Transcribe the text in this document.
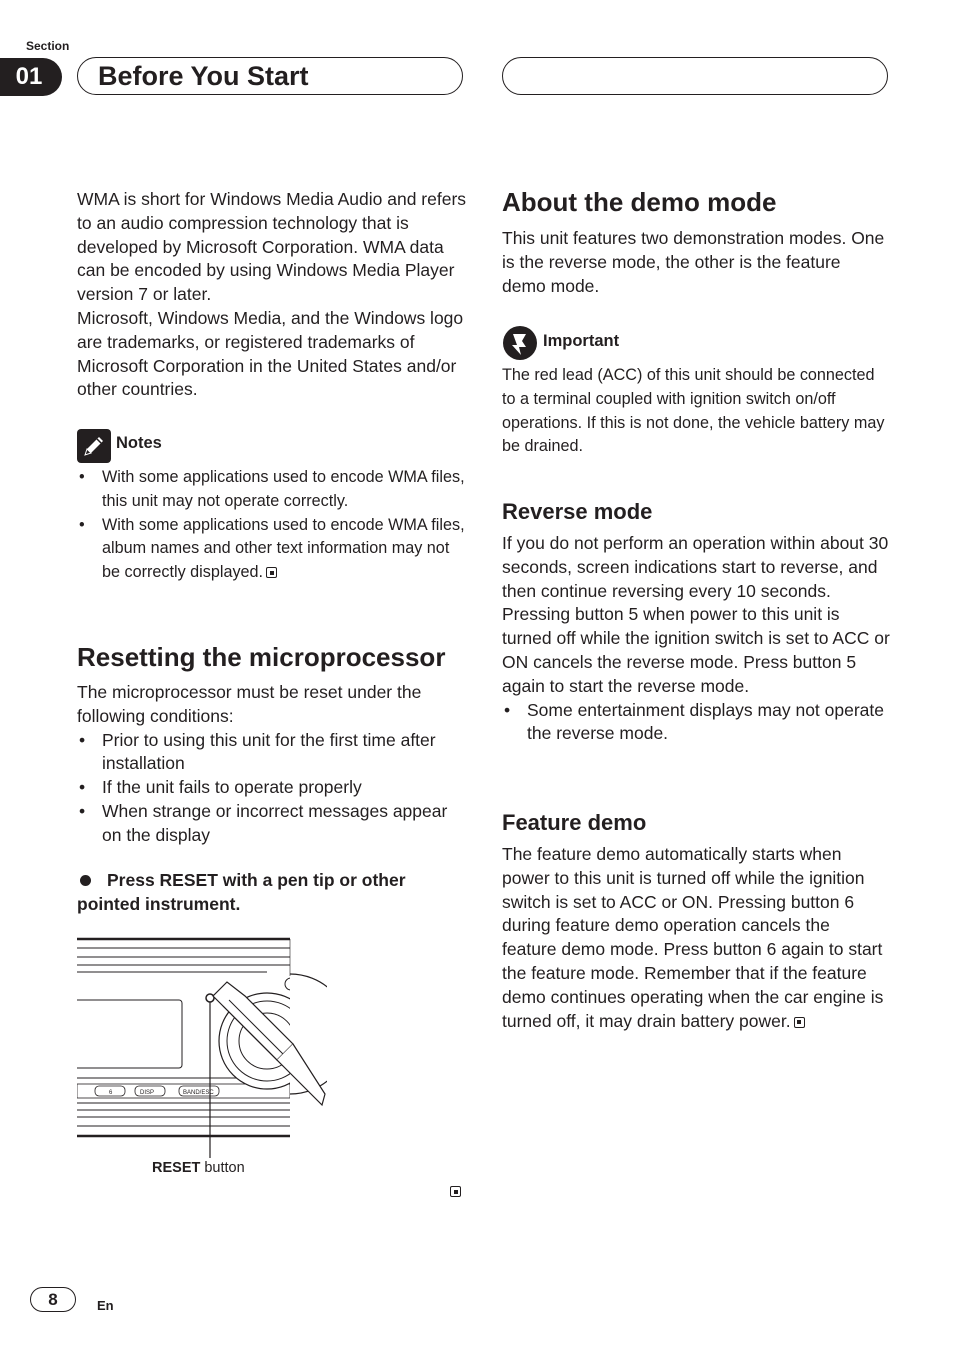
Section
01	Before You Start

WMA is short for Windows Media Audio and refers to an audio compression technology that is developed by Microsoft Corporation. WMA data can be encoded by using Windows Media Player version 7 or later.

Microsoft, Windows Media, and the Windows logo are trademarks, or registered trademarks of Microsoft Corporation in the United States and/or other countries.

Notes
• With some applications used to encode WMA files, this unit may not operate correctly.
• With some applications used to encode WMA files, album names and other text information may not be correctly displayed.
Resetting the microprocessor

The microprocessor must be reset under the following conditions:

• Prior to using this unit for the first time after installation
• If the unit fails to operate properly
• When strange or incorrect messages appear on the display
Press RESET with a pen tip or other pointed instrument.
6	DISP	BAND/ESC
RESET button
About the demo mode
This unit features two demonstration modes. One is the reverse mode, the other is the feature demo mode.
Important
The red lead (ACC) of this unit should be connected to a terminal coupled with ignition switch on/off operations. If this is not done, the vehicle battery may be drained.
Reverse mode

If you do not perform an operation within about 30 seconds, screen indications start to reverse, and then continue reversing every 10 seconds. Pressing button 5 when power to this unit is turned off while the ignition switch is set to ACC or ON cancels the reverse mode. Press button 5 again to start the reverse mode.

• Some entertainment displays may not operate the reverse mode.
Feature demo

The feature demo automatically starts when power to this unit is turned off while the ignition switch is set to ACC or ON. Pressing button 6 during feature demo operation cancels the feature demo mode. Press button 6 again to start the feature mode. Remember that if the feature demo continues operating when the car engine is turned off, it may drain battery power.

8	En
